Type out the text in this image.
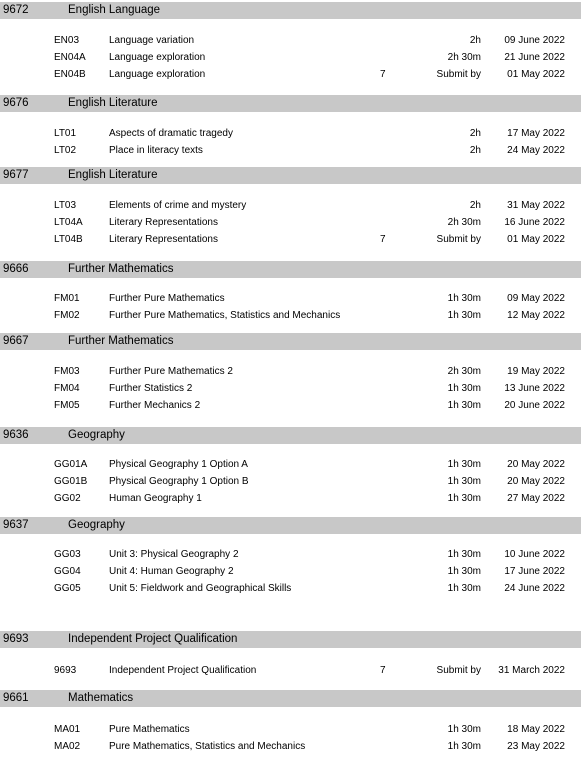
9672	English Language
EN03	Language variation	2h 09 June 2022
EN04A Language exploration	2h 30m 21 June 2022
EN04B Language exploration	7	Submit by	01 May 2022
9676	English Literature
LT01	Aspects of dramatic tragedy	2h	17 May 2022
LT02	Place in literacy texts	2h	24 May 2022
9677	English Literature
LT03	Elements of crime and mystery	2h	31 May 2022
LT04A	Literary Representations	2h 30m 16 June 2022
LT04B	Literary Representations	7	Submit by	01 May 2022
9666	Further Mathematics
FM01	Further Pure Mathematics	1h 30m	09 May 2022
FM02	Further Pure Mathematics, Statistics and Mechanics	1h 30m	12 May 2022
9667	Further Mathematics
FM03	Further Pure Mathematics 2	2h 30m	19 May 2022
FM04	Further Statistics 2	1h 30m 13 June 2022
FM05	Further Mechanics 2	1h 30m 20 June 2022
9636	Geography
GG01A Physical Geography 1 Option A	1h 30m	20 May 2022
GG01B Physical Geography 1 Option B	1h 30m	20 May 2022
GG02	Human Geography 1	1h 30m	27 May 2022
9637	Geography
GG03	Unit 3: Physical Geography 2	1h 30m 10 June 2022
GG04	Unit 4: Human Geography 2	1h 30m 17 June 2022
GG05	Unit 5: Fieldwork and Geographical Skills	1h 30m 24 June 2022
9693	Independent Project Qualification
9693	Independent Project Qualification	7	Submit by 31 March 2022
9661	Mathematics
MA01	Pure Mathematics	1h 30m	18 May 2022
MA02	Pure Mathematics, Statistics and Mechanics	1h 30m	23 May 2022
